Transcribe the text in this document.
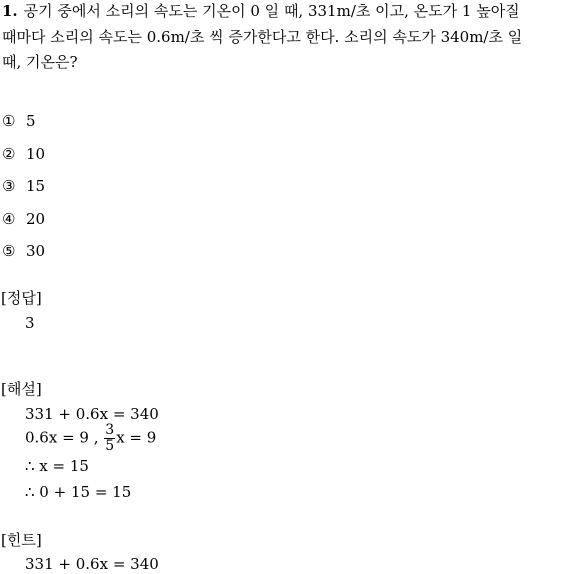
1. 공기 중에서 소리의 속도는 기온이 0 일 때, 331m/초 이고, 온도가 1 높아질
때마다 소리의 속도는 0.6m/초 씩 증가한다고 한다. 소리의 속도가 340m/초 일
때, 기온은?
① 5
② 10
③ 15
④ 20
⑤ 30
[정답]
3
[해설]
331 + 0.6x = 340
0.6x = 9 , $\frac{3}{5}$ x = 9
∴ x = 15
∴ 0 + 15 = 15
[힌트]
331 + 0.6x = 340
